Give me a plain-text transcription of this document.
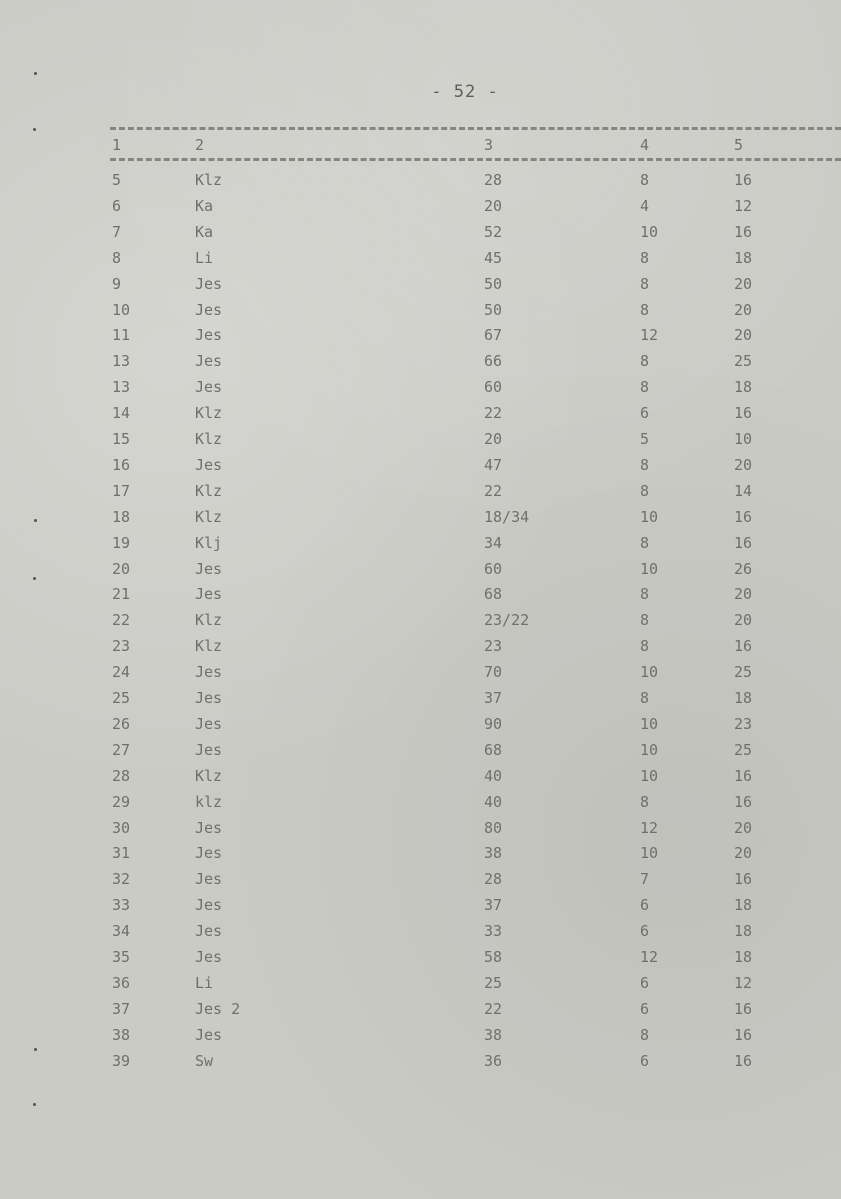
- 52 -
1	2	3	4	5
5	Klz	28	8	16
6	Ka	20	4	12
7	Ka	52	10	16
8	Li	45	8	18
9	Jes	50	8	20
10	Jes	50	8	20
11	Jes	67	12	20
13	Jes	66	8	25
13	Jes	60	8	18
14	Klz	22	6	16
15	Klz	20	5	10
16	Jes	47	8	20
17	Klz	22	8	14
18	Klz	18/34	10	16
19	Klj	34	8	16
20	Jes	60	10	26
21	Jes	68	8	20
22	Klz	23/22	8	20
23	Klz	23	8	16
24	Jes	70	10	25
25	Jes	37	8	18
26	Jes	90	10	23
27	Jes	68	10	25
28	Klz	40	10	16
29	klz	40	8	16
30	Jes	80	12	20
31	Jes	38	10	20
32	Jes	28	7	16
33	Jes	37	6	18
34	Jes	33	6	18
35	Jes	58	12	18
36	Li	25	6	12
37	Jes 2	22	6	16
38	Jes	38	8	16
39	Sw	36	6	16
